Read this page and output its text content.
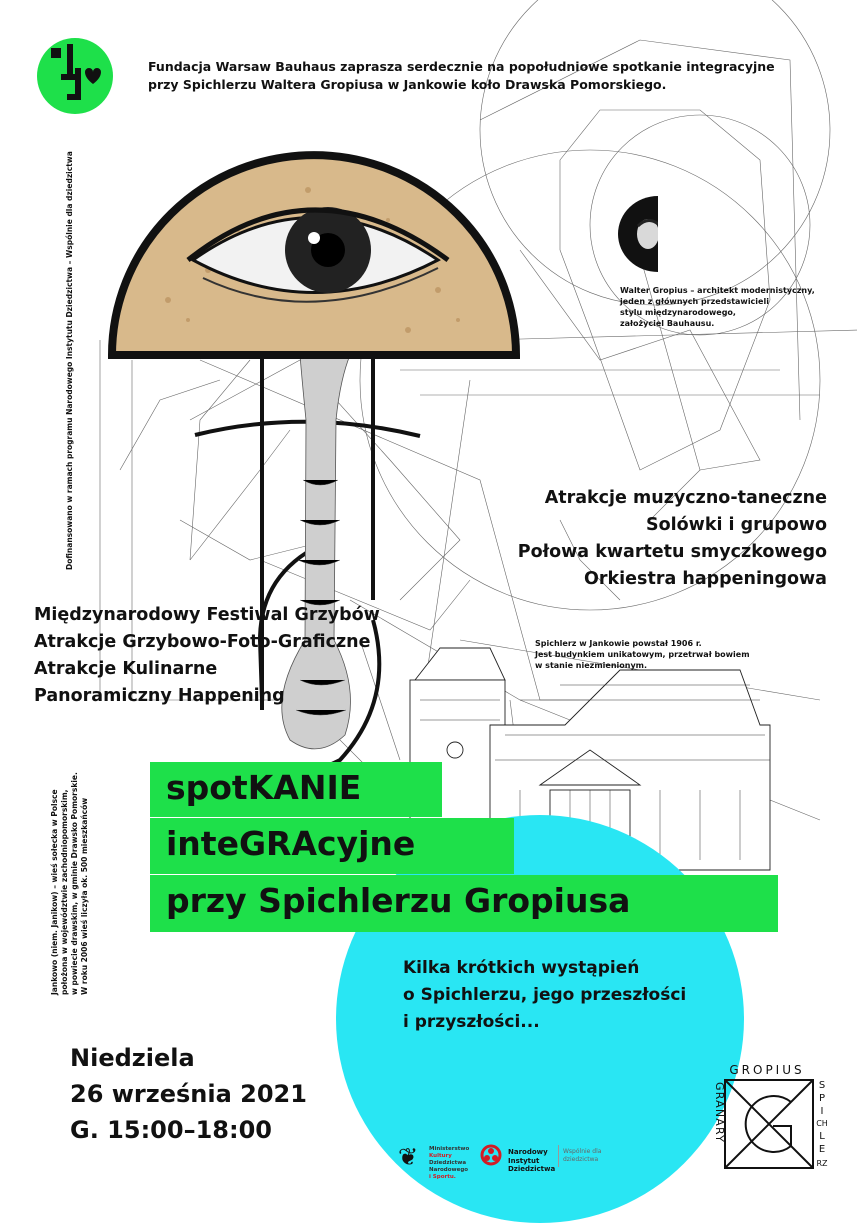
Fundacja Warsaw Bauhaus zaprasza serdecznie na popołudniowe spotkanie integracyjne
przy Spichlerzu Waltera Gropiusa w Jankowie koło Drawska Pomorskiego.
Dofinansowano w ramach programu Narodowego Instytutu Dziedzictwa – Wspólnie dla dziedzictwa
Jankowo (niem. Janikow) – wieś sołecka w Polsce położona w województwie zachodniopomorskim, w powiecie drawskim, w gminie Drawsko Pomorskie. W roku 2006 wieś liczyła ok. 500 mieszkańców
Walter Gropius – architekt modernistyczny,
jeden z głównych przedstawicieli
stylu międzynarodowego,
założyciel Bauhausu.
Atrakcje muzyczno-taneczne
Solówki i grupowo
Połowa kwartetu smyczkowego
Orkiestra happeningowa
Międzynarodowy Festiwal Grzybów
Atrakcje Grzybowo-Foto-Graficzne
Atrakcje Kulinarne
Panoramiczny Happening
Spichlerz w Jankowie powstał 1906 r.
Jest budynkiem unikatowym, przetrwał bowiem
w stanie niezmienionym.
spotKANIE
inteGRAcyjne
przy Spichlerzu Gropiusa
Kilka krótkich wystąpień
o Spichlerzu, jego przeszłości
i przyszłości...
Niedziela
26 września 2021
G. 15:00–18:00
❦ Ministerstwo
Kultury
Dziedzictwa
Narodowego
i Sportu.
Narodowy
Instytut
Dziedzictwa
Wspólnie dla
dziedzictwa
GROPIUS
GRANARY	S
P
I
CH
L
E
RZ
